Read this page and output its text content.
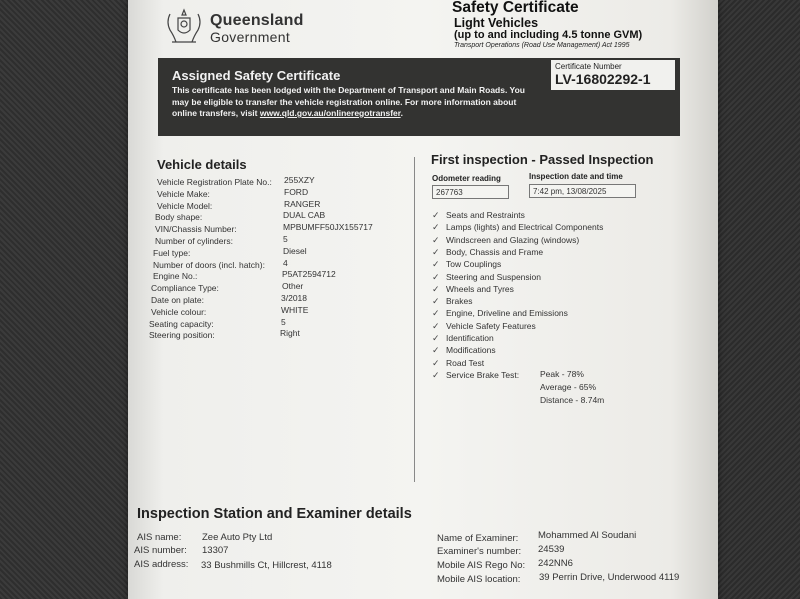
Queensland
Government
Safety Certificate
Light Vehicles
(up to and including 4.5 tonne GVM)
Transport Operations (Road Use Management) Act 1995
Assigned Safety Certificate
This certificate has been lodged with the Department of Transport and Main Roads. You may be eligible to transfer the vehicle registration online. For more information about online transfers, visit www.qld.gov.au/onlineregotransfer.
Certificate Number
LV-16802292-1
Vehicle details
Vehicle Registration Plate No.: 255XZY
Vehicle Make:	FORD
Vehicle Model:	RANGER
Body shape:	DUAL CAB
VIN/Chassis Number:	MPBUMFF50JX155717
Number of cylinders:	5
Fuel type:	Diesel
Number of doors (incl. hatch): 4
Engine No.:	P5AT2594712
Compliance Type:	Other
Date on plate:	3/2018
Vehicle colour:	WHITE
Seating capacity:	5
Steering position:	Right
First inspection - Passed Inspection
Odometer reading
267763
Inspection date and time
7:42 pm, 13/08/2025
✓ Seats and Restraints
✓ Lamps (lights) and Electrical Components
✓ Windscreen and Glazing (windows)
✓ Body, Chassis and Frame
✓ Tow Couplings
✓ Steering and Suspension
✓ Wheels and Tyres
✓ Brakes
✓ Engine, Driveline and Emissions
✓ Vehicle Safety Features
✓ Identification
✓ Modifications
✓ Road Test
✓ Service Brake Test: Peak - 78%
Average - 65%
Distance - 8.74m
Inspection Station and Examiner details
AIS name: Zee Auto Pty Ltd
AIS number: 13307
AIS address: 33 Bushmills Ct, Hillcrest, 4118
Name of Examiner: Mohammed Al Soudani
Examiner's number: 24539
Mobile AIS Rego No: 242NN6
Mobile AIS location: 39 Perrin Drive, Underwood 4119
